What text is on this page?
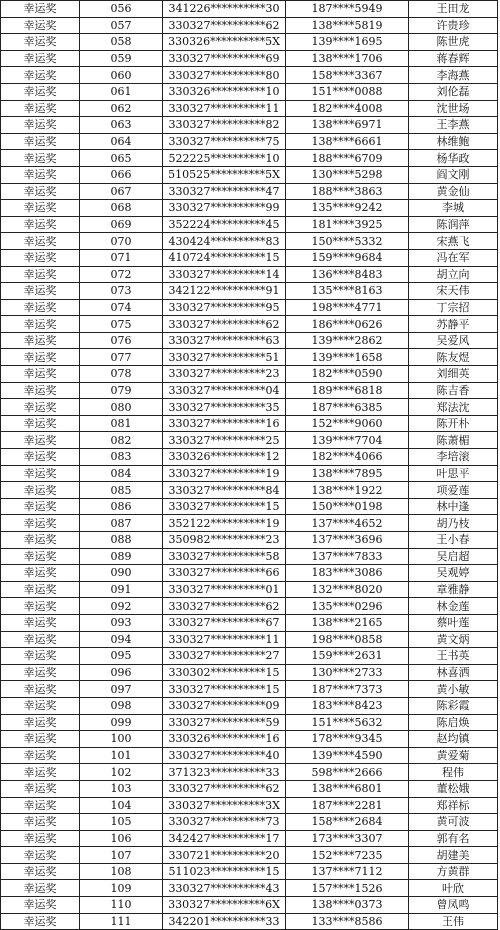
幸运奖	056	341226**********30	187****5949	王田龙
幸运奖	057	330327**********62	138****5819	许贵珍
幸运奖	058	330326**********5X	139****1695	陈世虎
幸运奖	059	330327**********69	138****1706	蒋春辉
幸运奖	060	330327**********80	158****3367	李海燕
幸运奖	061	330326**********10	151****0088	刘伦磊
幸运奖	062	330327**********11	182****4008	沈世场
幸运奖	063	330327**********82	138****6971	王李燕
幸运奖	064	330327**********75	138****6661	林维鲍
幸运奖	065	522225**********10	188****6709	杨华政
幸运奖	066	510525**********5X	130****5298	阎文刚
幸运奖	067	330327**********47	188****3863	黄金仙
幸运奖	068	330327**********99	135****9242	李城
幸运奖	069	352224**********45	181****3925	陈润萍
幸运奖	070	430424**********83	150****5332	宋燕飞
幸运奖	071	410724**********15	159****9684	冯在军
幸运奖	072	330327**********14	136****8483	胡立向
幸运奖	073	342122**********91	135****8163	宋天伟
幸运奖	074	330327**********95	198****4771	丁宗招
幸运奖	075	330327**********62	186****0626	苏静平
幸运奖	076	330327**********63	139****2862	吴爱风
幸运奖	077	330327**********51	139****1658	陈友煜
幸运奖	078	330327**********23	182****0590	刘细英
幸运奖	079	330327**********04	189****6818	陈吉香
幸运奖	080	330327**********35	187****6385	郑法沈
幸运奖	081	330327**********16	152****9060	陈开朴
幸运奖	082	330327**********25	139****7704	陈萧楣
幸运奖	083	330326**********12	182****4066	李培滚
幸运奖	084	330327**********19	138****7895	叶思平
幸运奖	085	330327**********84	138****1922	项爱莲
幸运奖	086	330327**********15	150****0198	林中逢
幸运奖	087	352122**********19	137****4652	胡乃枝
幸运奖	088	350982**********23	137****3696	王小春
幸运奖	089	330327**********58	137****7833	吴启超
幸运奖	090	330327**********66	183****3086	吴观婷
幸运奖	091	330327**********01	132****8020	章雅静
幸运奖	092	330327**********62	135****0296	林金莲
幸运奖	093	330327**********67	138****2165	蔡叶莲
幸运奖	094	330327**********11	198****0858	黄文炳
幸运奖	095	330327**********27	159****2631	王书英
幸运奖	096	330302**********15	130****2733	林喜洒
幸运奖	097	330327**********15	187****7373	黄小敏
幸运奖	098	330327**********09	183****8423	陈彩霞
幸运奖	099	330327**********59	151****5632	陈启焕
幸运奖	100	330326**********16	178****9345	赵均镇
幸运奖	101	330327**********40	139****4590	黄爱菊
幸运奖	102	371323**********33	598****2666	程伟
幸运奖	103	330327**********62	138****6801	董松娥
幸运奖	104	330327**********3X	187****2281	郑祥标
幸运奖	105	330327**********73	158****2684	黄可波
幸运奖	106	342427**********17	173****3307	郭有名
幸运奖	107	330721**********20	152****7235	胡建美
幸运奖	108	511023**********15	137****7112	方黄群
幸运奖	109	330327**********43	157****1526	叶欣
幸运奖	110	330327**********6X	138****0373	曾凤鸣
幸运奖	111	342201**********33	133****8586	王伟
